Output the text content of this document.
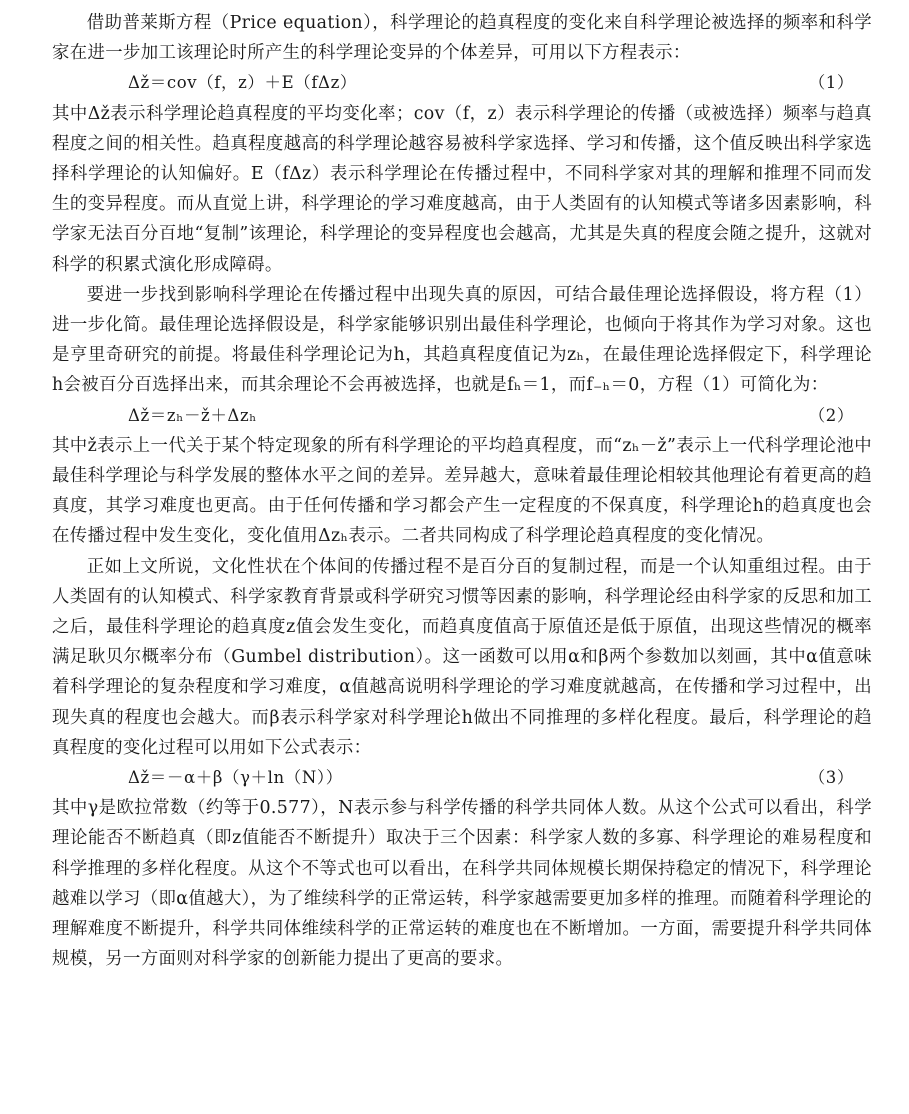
借助普莱斯方程（Price equation），科学理论的趋真程度的变化来自科学理论被选择的频率和科学家在进一步加工该理论时所产生的科学理论变异的个体差异，可用以下方程表示：

Δž＝cov（f，z）＋E（fΔz）	（1）

其中Δž表示科学理论趋真程度的平均变化率；cov（f，z）表示科学理论的传播（或被选择）频率与趋真程度之间的相关性。趋真程度越高的科学理论越容易被科学家选择、学习和传播，这个值反映出科学家选择科学理论的认知偏好。E（fΔz）表示科学理论在传播过程中，不同科学家对其的理解和推理不同而发生的变异程度。而从直觉上讲，科学理论的学习难度越高，由于人类固有的认知模式等诸多因素影响，科学家无法百分百地“复制”该理论，科学理论的变异程度也会越高，尤其是失真的程度会随之提升，这就对科学的积累式演化形成障碍。

要进一步找到影响科学理论在传播过程中出现失真的原因，可结合最佳理论选择假设，将方程（1）进一步化简。最佳理论选择假设是，科学家能够识别出最佳科学理论，也倾向于将其作为学习对象。这也是亨里奇研究的前提。将最佳科学理论记为h，其趋真程度值记为zₕ，在最佳理论选择假定下，科学理论h会被百分百选择出来，而其余理论不会再被选择，也就是fₕ＝1，而f₋ₕ＝0，方程（1）可简化为：

Δž＝zₕ－ž＋Δzₕ	（2）

其中ž表示上一代关于某个特定现象的所有科学理论的平均趋真程度，而“zₕ－ž”表示上一代科学理论池中最佳科学理论与科学发展的整体水平之间的差异。差异越大，意味着最佳理论相较其他理论有着更高的趋真度，其学习难度也更高。由于任何传播和学习都会产生一定程度的不保真度，科学理论h的趋真度也会在传播过程中发生变化，变化值用Δzₕ表示。二者共同构成了科学理论趋真程度的变化情况。

正如上文所说，文化性状在个体间的传播过程不是百分百的复制过程，而是一个认知重组过程。由于人类固有的认知模式、科学家教育背景或科学研究习惯等因素的影响，科学理论经由科学家的反思和加工之后，最佳科学理论的趋真度z值会发生变化，而趋真度值高于原值还是低于原值，出现这些情况的概率满足耿贝尔概率分布（Gumbel distribution）。这一函数可以用α和β两个参数加以刻画，其中α值意味着科学理论的复杂程度和学习难度，α值越高说明科学理论的学习难度就越高，在传播和学习过程中，出现失真的程度也会越大。而β表示科学家对科学理论h做出不同推理的多样化程度。最后，科学理论的趋真程度的变化过程可以用如下公式表示：

Δž＝－α＋β（γ＋ln（N））	（3）

其中γ是欧拉常数（约等于0.577），N表示参与科学传播的科学共同体人数。从这个公式可以看出，科学理论能否不断趋真（即z值能否不断提升）取决于三个因素：科学家人数的多寡、科学理论的难易程度和科学推理的多样化程度。从这个不等式也可以看出，在科学共同体规模长期保持稳定的情况下，科学理论越难以学习（即α值越大），为了维续科学的正常运转，科学家越需要更加多样的推理。而随着科学理论的理解难度不断提升，科学共同体维续科学的正常运转的难度也在不断增加。一方面，需要提升科学共同体规模，另一方面则对科学家的创新能力提出了更高的要求。
